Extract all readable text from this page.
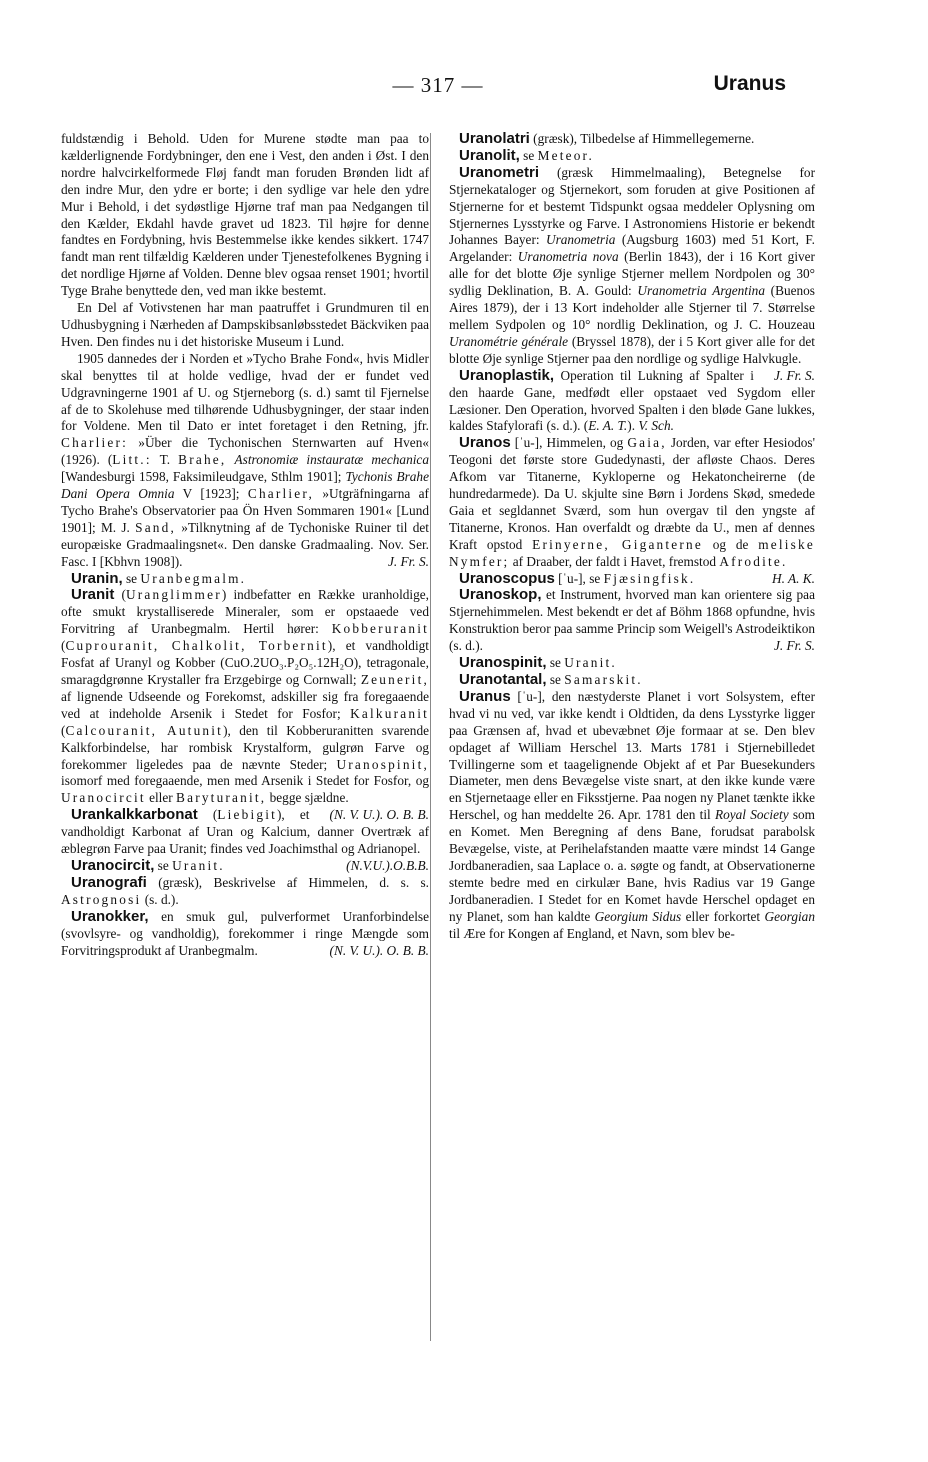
— 317 —	Uranus

fuldstændig i Behold. Uden for Murene stødte man paa to kælderlignende Fordybninger, den ene i Vest, den anden i Øst. I den nordre halvcirkelformede Fløj fandt man foruden Brønden lidt af den indre Mur, den ydre er borte; i den sydlige var hele den ydre Mur i Behold, i det sydøstlige Hjørne traf man paa Nedgangen til den Kælder, Ekdahl havde gravet ud 1823. Til højre for denne fandtes en Fordybning, hvis Bestemmelse ikke kendes sikkert. 1747 fandt man rent tilfældig Kælderen under Tjenestefolkenes Bygning i det nordlige Hjørne af Volden. Denne blev ogsaa renset 1901; hvortil Tyge Brahe benyttede den, ved man ikke bestemt.

En Del af Votivstenen har man paatruffet i Grundmuren til en Udhusbygning i Nærheden af Dampskibsanløbsstedet Bäckviken paa Hven. Den findes nu i det historiske Museum i Lund.

1905 dannedes der i Norden et »Tycho Brahe Fond«, hvis Midler skal benyttes til at holde vedlige, hvad der er fundet ved Udgravningerne 1901 af U. og Stjerneborg (s. d.) samt til Fjernelse af de to Skolehuse med tilhørende Udhusbygninger, der staar inden for Voldene. Men til Dato er intet foretaget i den Retning, jfr. Charlier: »Über die Tychonischen Sternwarten auf Hven« (1926). (Litt.: T. Brahe, Astronomiæ instauratæ mechanica [Wandesburgi 1598, Faksimileudgave, Sthlm 1901]; Tychonis Brahe Dani Opera Omnia V [1923]; Charlier, »Utgräfningarna af Tycho Brahe's Observatorier paa Ön Hven Sommaren 1901« [Lund 1901]; M. J. Sand, »Tilknytning af de Tychoniske Ruiner til det europæiske Gradmaalingsnet«. Den danske Gradmaaling. Nov. Ser. Fasc. I [Kbhvn 1908]).	J. Fr. S.

Uranin, se Uranbegmalm.

Uranit (Uranglimmer) indbefatter en Række uranholdige, ofte smukt krystalliserede Mineraler, som er opstaaede ved Forvitring af Uranbegmalm. Hertil hører: Kobberuranit (Cuprouranit, Chalkolit, Torbernit), et vandholdigt Fosfat af Uranyl og Kobber (CuO.2UO₃.P₂O₅.12H₂O), tetragonale, smaragdgrønne Krystaller fra Erzgebirge og Cornwall; Zeunerit, af lignende Udseende og Forekomst, adskiller sig fra foregaaende ved at indeholde Arsenik i Stedet for Fosfor; Kalkuranit (Calcouranit, Autunit), den til Kobberuranitten svarende Kalkforbindelse, har rombisk Krystalform, gulgrøn Farve og forekommer ligeledes paa de nævnte Steder; Uranospinit, isomorf med foregaaende, men med Arsenik i Stedet for Fosfor, og Uranocircit eller Baryturanit, begge sjældne.
(N. V. U.). O. B. B.

Urankalkkarbonat (Liebigit), et vandholdigt Karbonat af Uran og Kalcium, danner Overtræk af æblegrøn Farve paa Uranit; findes ved Joachimsthal og Adrianopel.
(N.V.U.).O.B.B.

Uranocircit, se Uranit.

Uranografi (græsk), Beskrivelse af Himmelen, d. s. s. Astrognosi (s. d.).

Uranokker, en smuk gul, pulverformet Uranforbindelse (svovlsyre- og vandholdig), forekommer i ringe Mængde som Forvitringsprodukt af Uranbegmalm.	(N. V. U.). O. B. B.

Uranolatri (græsk), Tilbedelse af Himmellegemerne.

Uranolit, se Meteor.

Uranometri (græsk Himmelmaaling), Betegnelse for Stjernekataloger og Stjernekort, som foruden at give Positionen af Stjernerne for et bestemt Tidspunkt ogsaa meddeler Oplysning om Stjernernes Lysstyrke og Farve. I Astronomiens Historie er bekendt Johannes Bayer: Uranometria (Augsburg 1603) med 51 Kort, F. Argelander: Uranometria nova (Berlin 1843), der i 16 Kort giver alle for det blotte Øje synlige Stjerner mellem Nordpolen og 30° sydlig Deklination, B. A. Gould: Uranometria Argentina (Buenos Aires 1879), der i 13 Kort indeholder alle Stjerner til 7. Størrelse mellem Sydpolen og 10° nordlig Deklination, og J. C. Houzeau Uranométrie générale (Bryssel 1878), der i 5 Kort giver alle for det blotte Øje synlige Stjerner paa den nordlige og sydlige Halvkugle.
J. Fr. S.

Uranoplastik, Operation til Lukning af Spalter i den haarde Gane, medfødt eller opstaaet ved Sygdom eller Læsioner. Den Operation, hvorved Spalten i den bløde Gane lukkes, kaldes Stafylorafi (s. d.). (E. A. T.). V. Sch.

Uranos [ˈu-], Himmelen, og Gaia, Jorden, var efter Hesiodos' Teogoni det første store Gudedynasti, der afløste Chaos. Deres Afkom var Titanerne, Kykloperne og Hekatoncheirerne (de hundredarmede). Da U. skjulte sine Børn i Jordens Skød, smedede Gaia et segldannet Sværd, som hun overgav til den yngste af Titanerne, Kronos. Han overfaldt og dræbte da U., men af dennes Kraft opstod Erinyerne, Giganterne og de meliske Nymfer; af Draaber, der faldt i Havet, fremstod Afrodite.
H. A. K.

Uranoscopus [ˈu-], se Fjæsingfisk.

Uranoskop, et Instrument, hvorved man kan orientere sig paa Stjernehimmelen. Mest bekendt er det af Böhm 1868 opfundne, hvis Konstruktion beror paa samme Princip som Weigell's Astrodeiktikon (s. d.).	J. Fr. S.

Uranospinit, se Uranit.

Uranotantal, se Samarskit.

Uranus [ˈu-], den næstyderste Planet i vort Solsystem, efter hvad vi nu ved, var ikke kendt i Oldtiden, da dens Lysstyrke ligger paa Grænsen af, hvad et ubevæbnet Øje formaar at se. Den blev opdaget af William Herschel 13. Marts 1781 i Stjernebilledet Tvillingerne som et taagelignende Objekt af et Par Buesekunders Diameter, men dens Bevægelse viste snart, at den ikke kunde være en Stjernetaage eller en Fiksstjerne. Paa nogen ny Planet tænkte ikke Herschel, og han meddelte 26. Apr. 1781 den til Royal Society som en Komet. Men Beregning af dens Bane, forudsat parabolsk Bevægelse, viste, at Perihelafstanden maatte være mindst 14 Gange Jordbaneradien, saa Laplace o. a. søgte og fandt, at Observationerne stemte bedre med en cirkulær Bane, hvis Radius var 19 Gange Jordbaneradien. I Stedet for en Komet havde Herschel opdaget en ny Planet, som han kaldte Georgium Sidus eller forkortet Georgian til Ære for Kongen af England, et Navn, som blev be-
